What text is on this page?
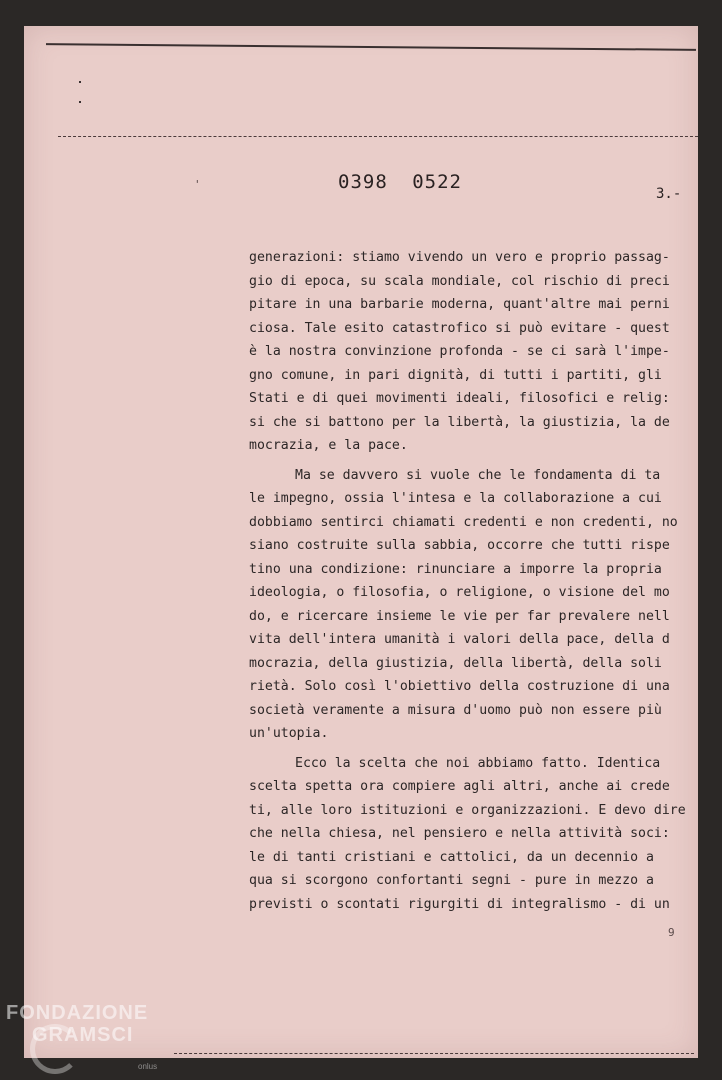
'	0398 0522
3.-

generazioni: stiamo vivendo un vero e proprio passag-
gio di epoca, su scala mondiale, col rischio di preci
pitare in una barbarie moderna, quant'altre mai perni
ciosa. Tale esito catastrofico si può evitare - quest
è la nostra convinzione profonda - se ci sarà l'impe-
gno comune, in pari dignità, di tutti i partiti, gli
Stati e di quei movimenti ideali, filosofici e relig:
si che si battono per la libertà, la giustizia, la de
mocrazia, e la pace.

Ma se davvero si vuole che le fondamenta di ta
le impegno, ossia l'intesa e la collaborazione a cui
dobbiamo sentirci chiamati credenti e non credenti, no
siano costruite sulla sabbia, occorre che tutti rispe
tino una condizione: rinunciare a imporre la propria
ideologia, o filosofia, o religione, o visione del mo
do, e ricercare insieme le vie per far prevalere nell
vita dell'intera umanità i valori della pace, della d
mocrazia, della giustizia, della libertà, della soli
rietà. Solo così l'obiettivo della costruzione di una
società veramente a misura d'uomo può non essere più
un'utopia.

Ecco la scelta che noi abbiamo fatto. Identica
scelta spetta ora compiere agli altri, anche ai crede
ti, alle loro istituzioni e organizzazioni. E devo dire
che nella chiesa, nel pensiero e nella attività soci:
le di tanti cristiani e cattolici, da un decennio a
qua si scorgono confortanti segni - pure in mezzo a
previsti o scontati rigurgiti di integralismo - di un

9
FONDAZIONE
GRAMSCI
onlus
